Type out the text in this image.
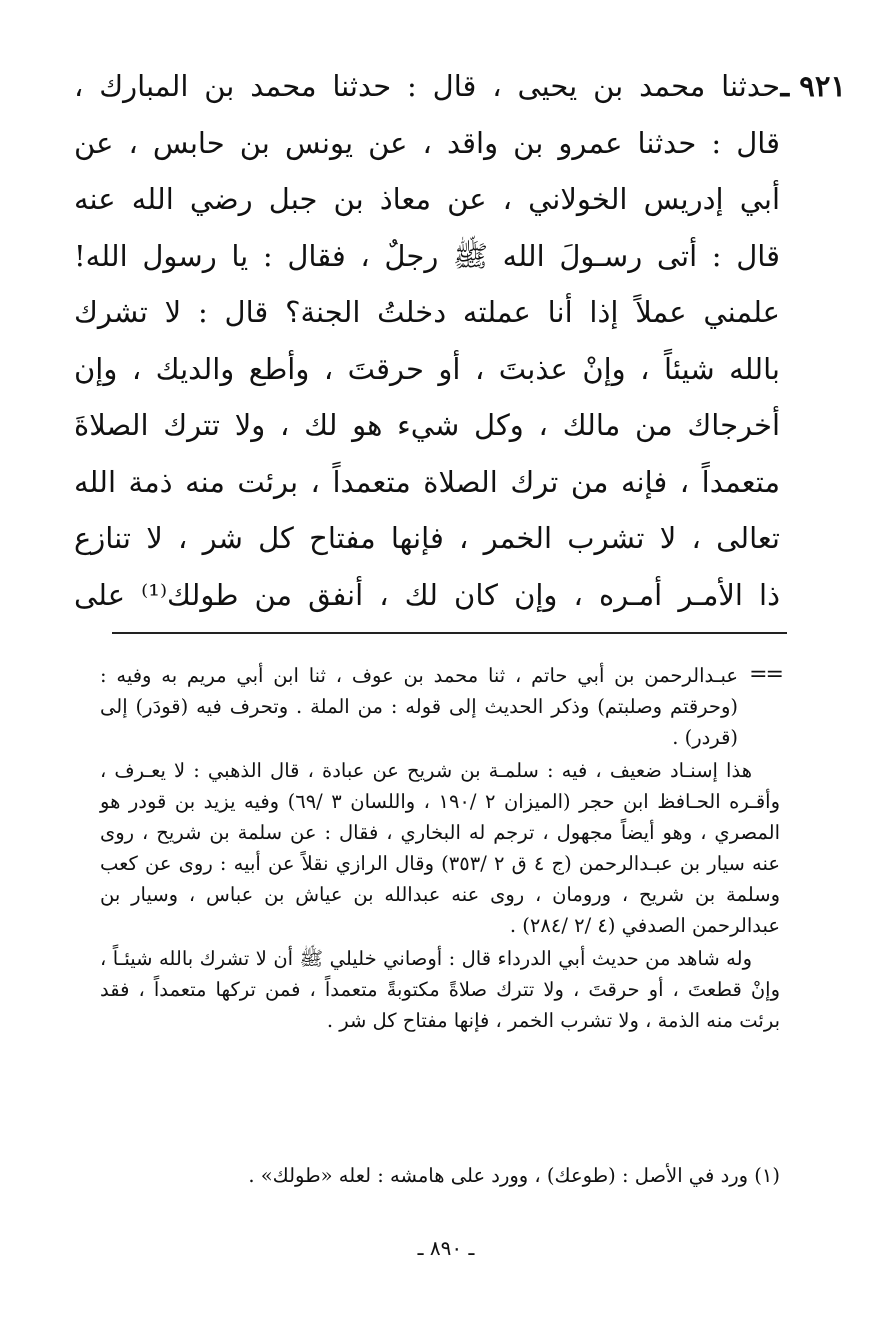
٩٢١ ـ
حدثنا محمد بن يحيى ، قال : حدثنا محمد بن المبارك ،
قال : حدثنا عمرو بن واقد ، عن يونس بن حابس ، عن
أبي إدريس الخولاني ، عن معاذ بن جبل رضي الله عنه
قال : أتى رسـولَ الله ﷺ رجلٌ ، فقال : يا رسول الله!
علمني عملاً إذا أنا عملته دخلتُ الجنة؟ قال : لا تشرك
بالله شيئاً ، وإنْ عذبتَ ، أو حرقتَ ، وأطع والديك ، وإن
أخرجاك من مالك ، وكل شيء هو لك ، ولا تترك الصلاةَ
متعمداً ، فإنه من ترك الصلاة متعمداً ، برئت منه ذمة الله
تعالى ، لا تشرب الخمر ، فإنها مفتاح كل شر ، لا تنازع
ذا الأمـر أمـره ، وإن كان لك ، أنفق من طولك⁽¹⁾ على
==

عبـدالرحمن بن أبي حاتم ، ثنا محمد بن عوف ، ثنا ابن أبي مريم به وفيه : (وحرقتم وصلبتم) وذكر الحديث إلى قوله : من الملة . وتحرف فيه (قودَر) إلى (قردر) .

هذا إسنـاد ضعيف ، فيه : سلمـة بن شريح عن عبادة ، قال الذهبي : لا يعـرف ، وأقـره الحـافظ ابن حجر (الميزان ٢ /١٩٠ ، واللسان ٣ /٦٩) وفيه يزيد بن قودر هو المصري ، وهو أيضاً مجهول ، ترجم له البخاري ، فقال : عن سلمة بن شريح ، روى عنه سيار بن عبـدالرحمن (ج ٤ ق ٢ /٣٥٣) وقال الرازي نقلاً عن أبيه : روى عن كعب وسلمة بن شريح ، ورومان ، روى عنه عبدالله بن عياش بن عباس ، وسيار بن عبدالرحمن الصدفي (٤ /٢ /٢٨٤) .

وله شاهد من حديث أبي الدرداء قال : أوصاني خليلي ﷺ أن لا تشرك بالله شيئـاً ، وإنْ قطعتَ ، أو حرقتَ ، ولا تترك صلاةً مكتوبةً متعمداً ، فمن تركها متعمداً ، فقد برئت منه الذمة ، ولا تشرب الخمر ، فإنها مفتاح كل شر .

(١) ورد في الأصل : (طوعك) ، وورد على هامشه : لعله «طولك» .
ـ ٨٩٠ ـ
